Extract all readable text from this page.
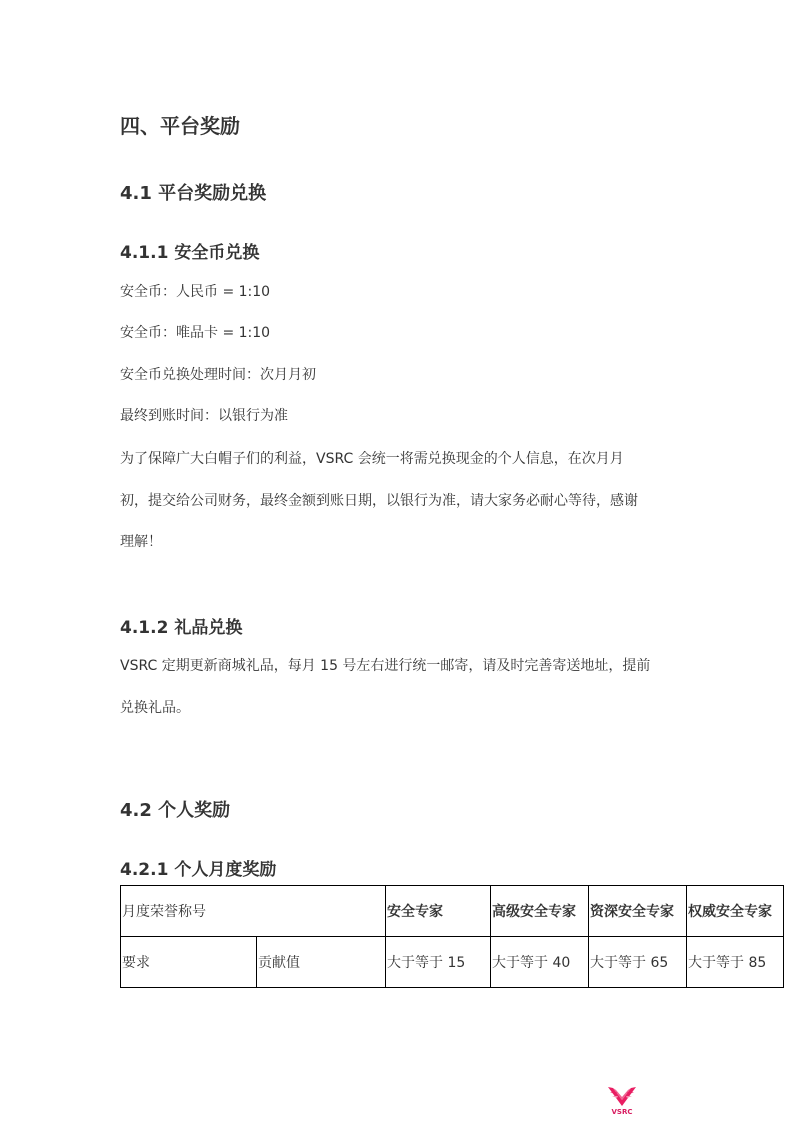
四、平台奖励
4.1 平台奖励兑换
4.1.1 安全币兑换
安全币：人民币 = 1:10
安全币：唯品卡 = 1:10
安全币兑换处理时间：次月月初
最终到账时间：以银行为准
为了保障广大白帽子们的利益，VSRC 会统一将需兑换现金的个人信息，在次月月
初，提交给公司财务，最终金额到账日期，以银行为准，请大家务必耐心等待，感谢
理解！
4.1.2 礼品兑换
VSRC 定期更新商城礼品，每月 15 号左右进行统一邮寄，请及时完善寄送地址，提前
兑换礼品。
4.2 个人奖励
4.2.1 个人月度奖励
月度荣誉称号		安全专家	高级安全专家	资深安全专家	权威安全专家
要求	贡献值	大于等于 15	大于等于 40	大于等于 65	大于等于 85
VSRC
